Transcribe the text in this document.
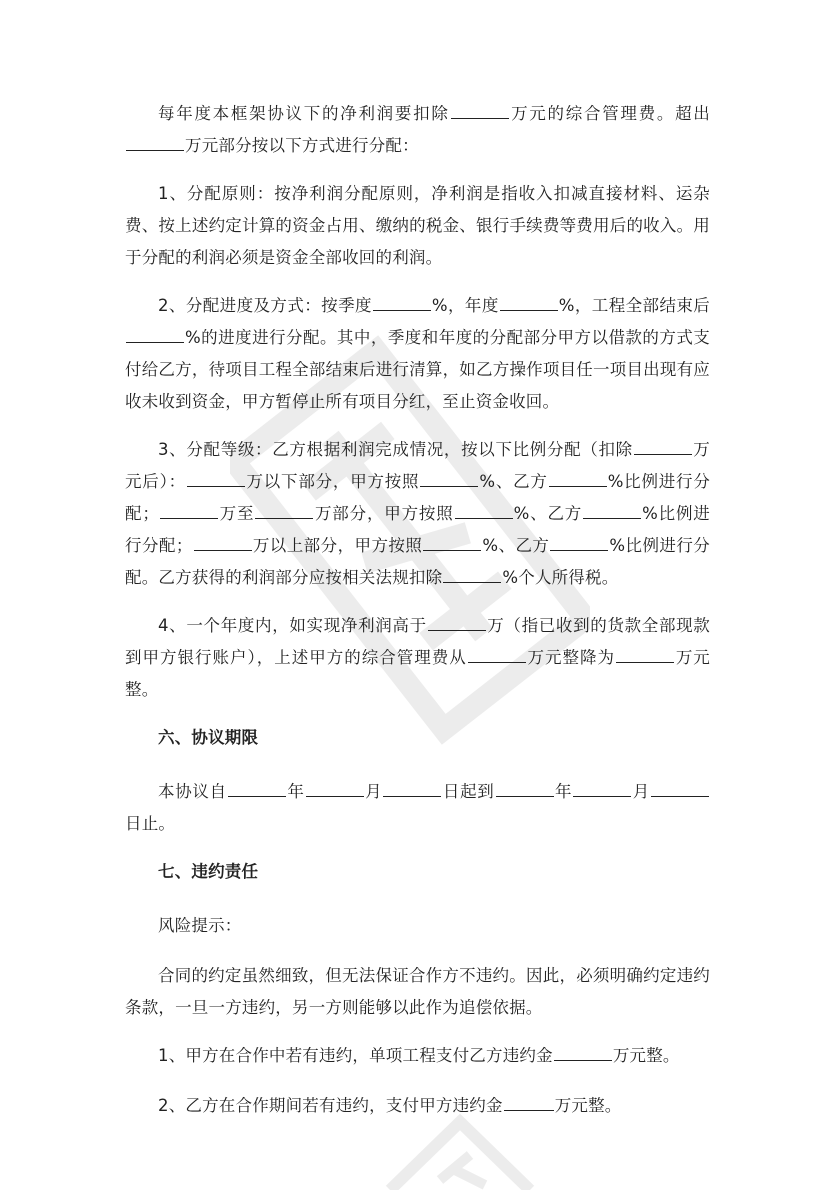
每年度本框架协议下的净利润要扣除	万元的综合管理费。超出万元部分按以下方式进行分配：

1、分配原则：按净利润分配原则，净利润是指收入扣减直接材料、运杂费、按上述约定计算的资金占用、缴纳的税金、银行手续费等费用后的收入。用于分配的利润必须是资金全部收回的利润。

2、分配进度及方式：按季度	%，年度	%，工程全部结束后%的进度进行分配。其中，季度和年度的分配部分甲方以借款的方式支付给乙方，待项目工程全部结束后进行清算，如乙方操作项目任一项目出现有应收未收到资金，甲方暂停止所有项目分红，至止资金收回。

3、分配等级：乙方根据利润完成情况，按以下比例分配（扣除	万元后）：	万以下部分，甲方按照	%、乙方	%比例进行分配；	万至	万部分，甲方按照	%、乙方	%比例进行分配；	万以上部分，甲方按照	%、乙方	%比例进行分配。乙方获得的利润部分应按相关法规扣除	%个人所得税。

4、一个年度内，如实现净利润高于	万（指已收到的货款全部现款到甲方银行账户），上述甲方的综合管理费从	万元整降为	万元整。

六、协议期限

本协议自	年	月	日起到	年	月日止。

七、违约责任

风险提示：

合同的约定虽然细致，但无法保证合作方不违约。因此，必须明确约定违约条款，一旦一方违约，另一方则能够以此作为追偿依据。

1、甲方在合作中若有违约，单项工程支付乙方违约金	万元整。

2、乙方在合作期间若有违约，支付甲方违约金	万元整。
